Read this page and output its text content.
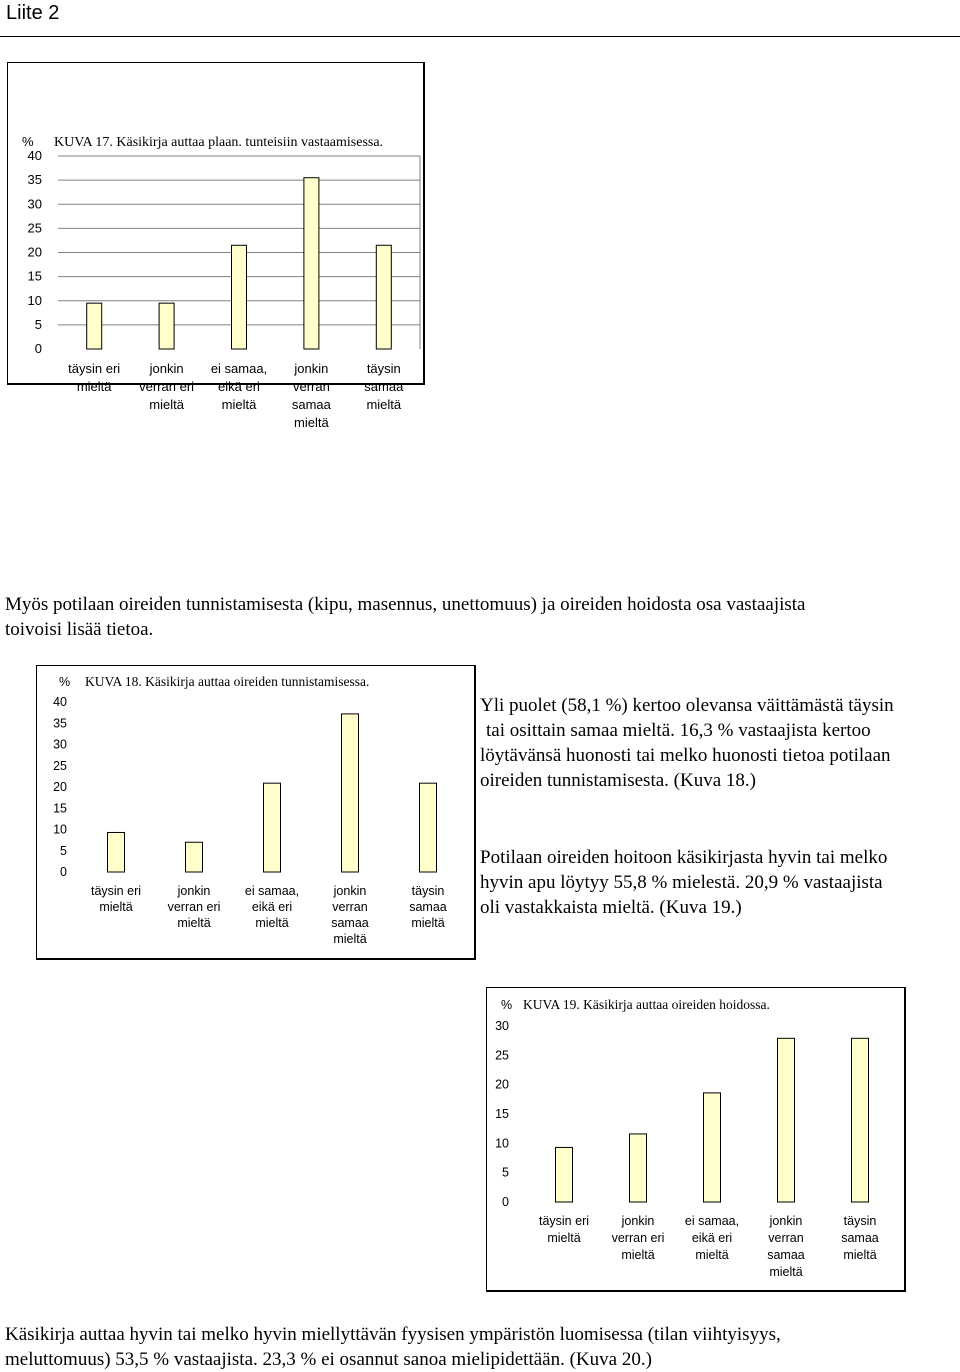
Liite 2
0
5
10
15
20
25
30
35
40
% KUVA 17. Käsikirja auttaa plaan. tunteisiin vastaamisessa.
täysin eri
mieltä
jonkin
verran eri
mieltä
ei samaa,
eikä eri
mieltä
jonkin
verran
samaa
mieltä
täysin
samaa
mieltä
Myös potilaan oireiden tunnistamisesta (kipu, masennus, unettomuus) ja oireiden hoidosta osa vastaajista
toivoisi lisää tietoa.
0
5
10
15
20
25
30
35
40
% KUVA 18. Käsikirja auttaa oireiden tunnistamisessa.
täysin eri
mieltä
jonkin
verran eri
mieltä
ei samaa,
eikä eri
mieltä
jonkin
verran
samaa
mieltä
täysin
samaa
mieltä
Yli puolet (58,1 %) kertoo olevansa väittämästä täysin
tai osittain samaa mieltä. 16,3 % vastaajista kertoo
löytävänsä huonosti tai melko huonosti tietoa potilaan
oireiden tunnistamisesta. (Kuva 18.)
Potilaan oireiden hoitoon käsikirjasta hyvin tai melko
hyvin apu löytyy 55,8 % mielestä. 20,9 % vastaajista
oli vastakkaista mieltä. (Kuva 19.)
0
5
10
15
20
25
30
% KUVA 19. Käsikirja auttaa oireiden hoidossa.
täysin eri
mieltä
jonkin
verran eri
mieltä
ei samaa,
eikä eri
mieltä
jonkin
verran
samaa
mieltä
täysin
samaa
mieltä
Käsikirja auttaa hyvin tai melko hyvin miellyttävän fyysisen ympäristön luomisessa (tilan viihtyisyys,
meluttomuus) 53,5 % vastaajista. 23,3 % ei osannut sanoa mielipidettään. (Kuva 20.)
